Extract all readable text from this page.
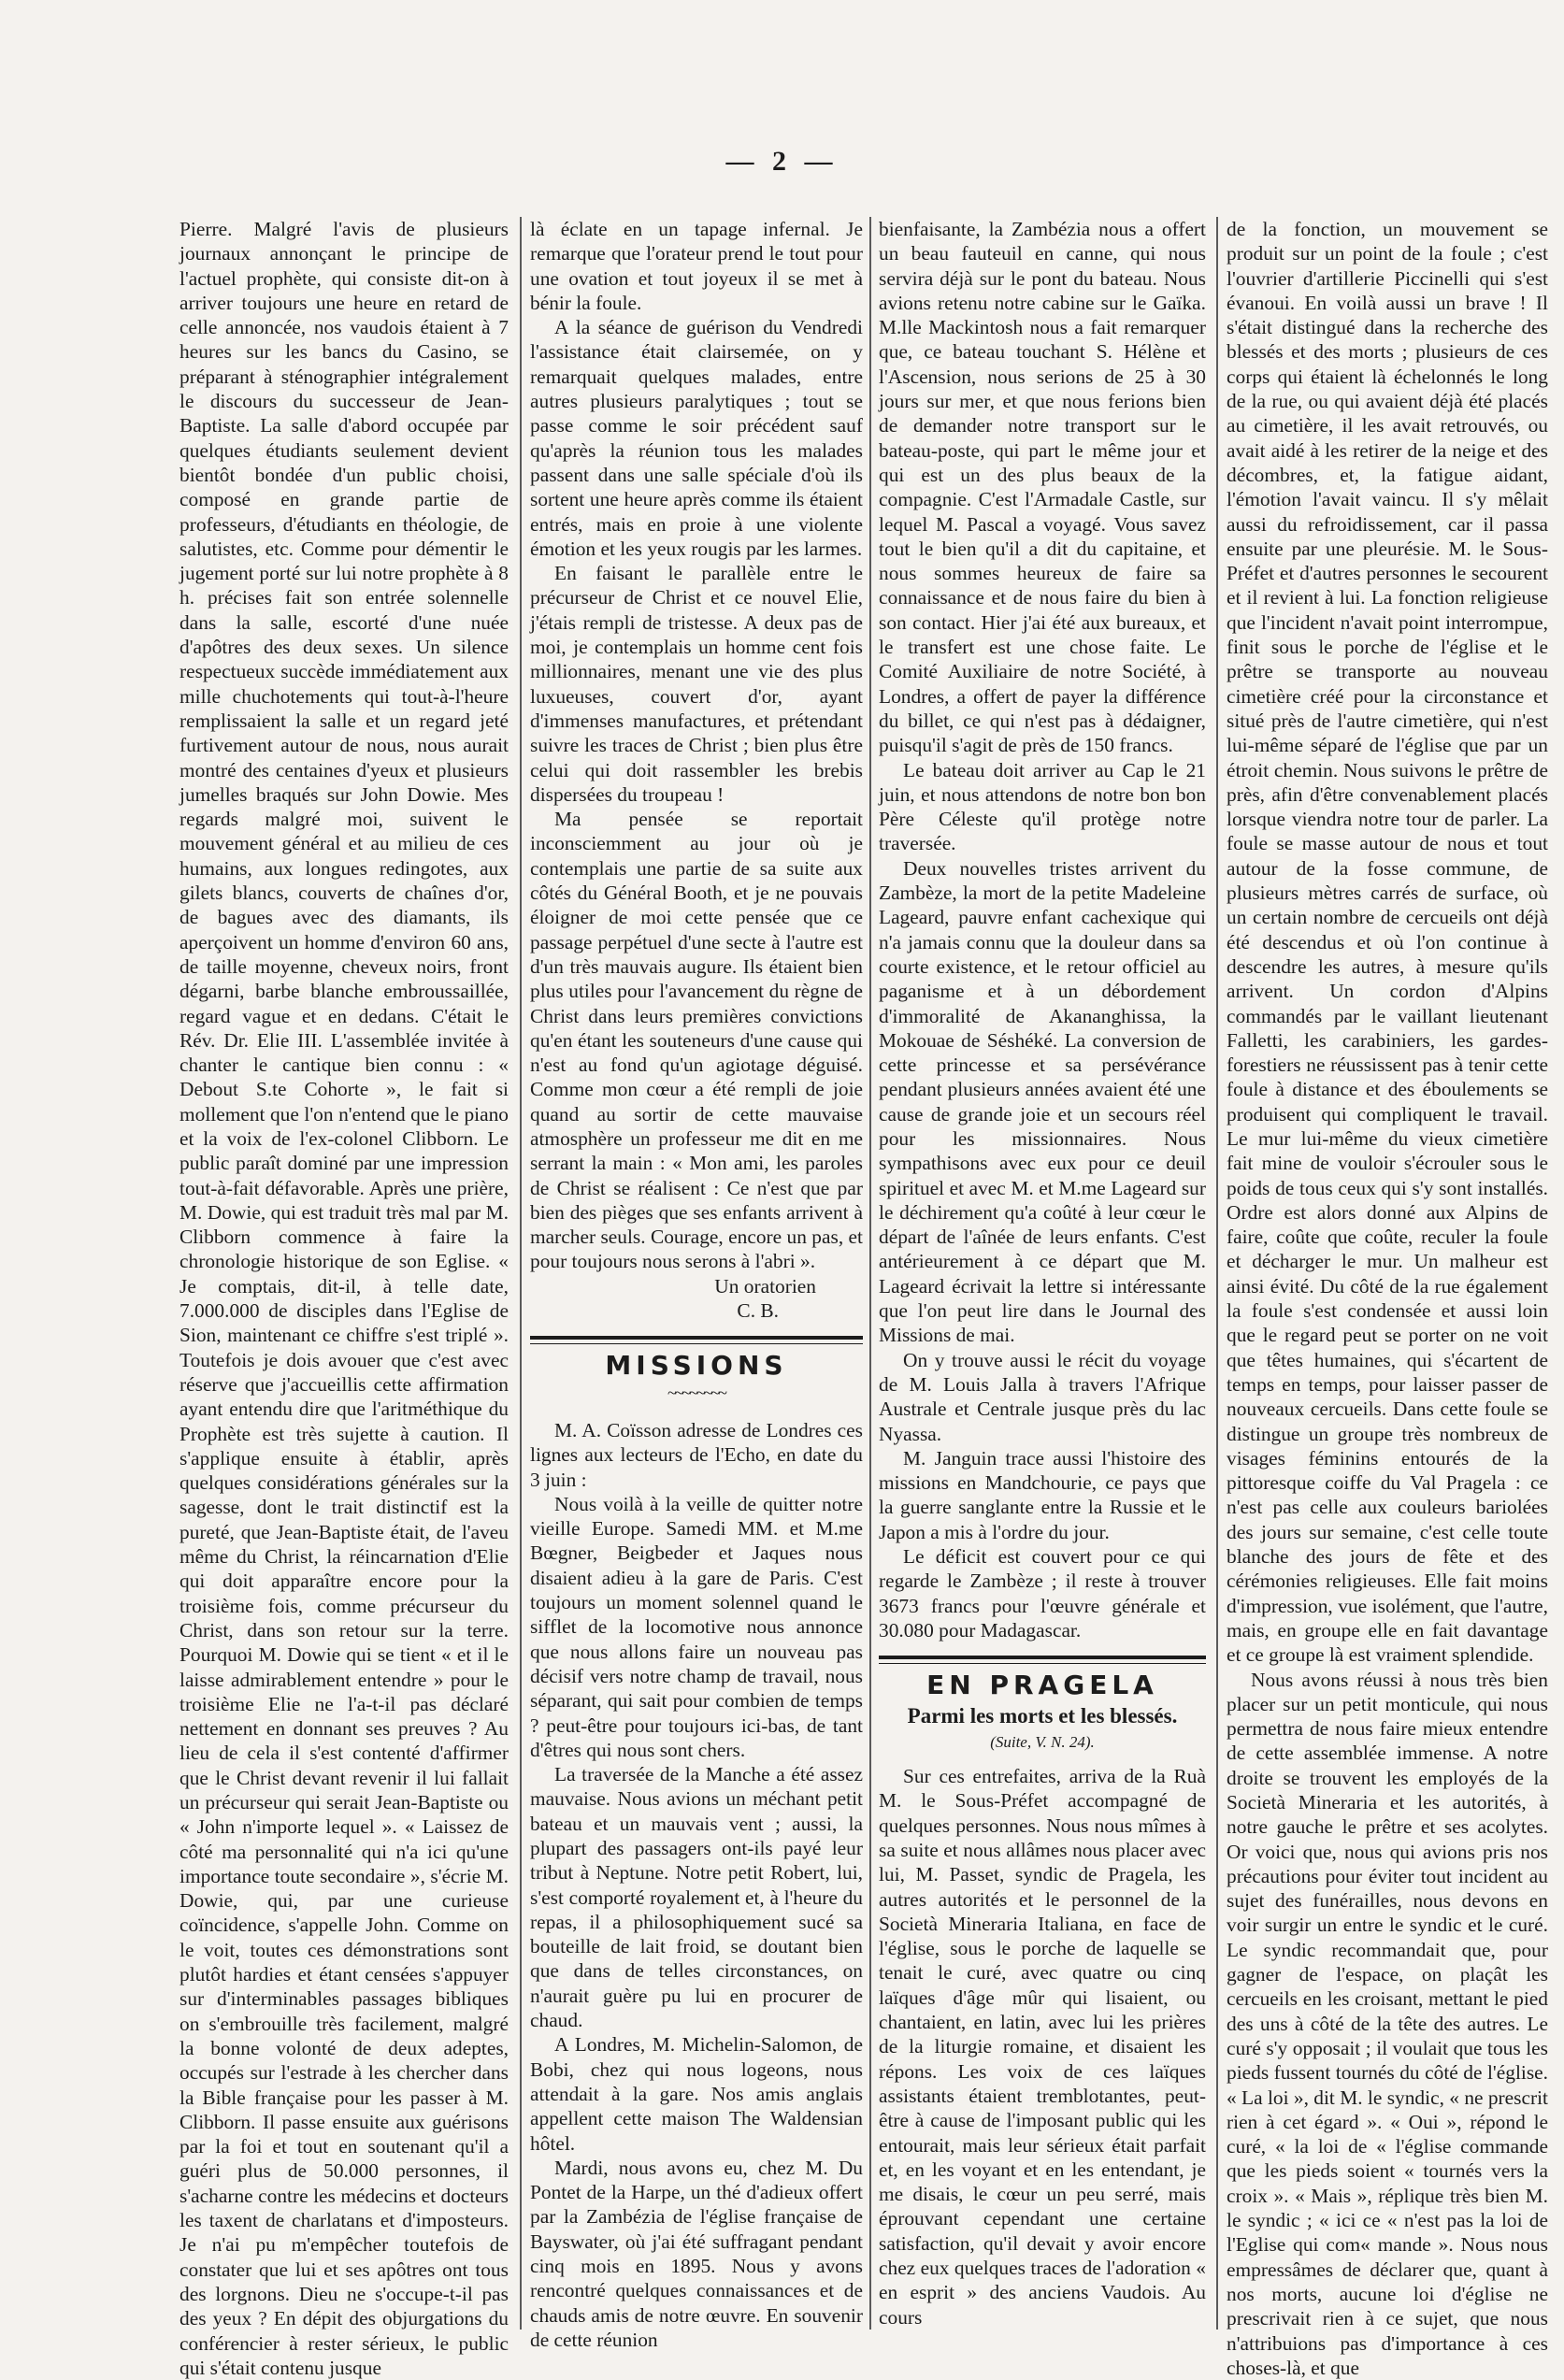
— 2 —

Pierre. Malgré l'avis de plusieurs journaux annonçant le principe de l'actuel prophète, qui consiste dit-on à arriver toujours une heure en retard de celle annoncée, nos vaudois étaient à 7 heures sur les bancs du Casino, se préparant à sténographier intégralement le discours du successeur de Jean-Baptiste. La salle d'abord occupée par quelques étudiants seulement devient bientôt bondée d'un public choisi, composé en grande partie de professeurs, d'étudiants en théologie, de salutistes, etc. Comme pour démentir le jugement porté sur lui notre prophète à 8 h. précises fait son entrée solennelle dans la salle, escorté d'une nuée d'apôtres des deux sexes. Un silence respectueux succède immédiatement aux mille chuchotements qui tout-à-l'heure remplissaient la salle et un regard jeté furtivement autour de nous, nous aurait montré des centaines d'yeux et plusieurs jumelles braqués sur John Dowie. Mes regards malgré moi, suivent le mouvement général et au milieu de ces humains, aux longues redingotes, aux gilets blancs, couverts de chaînes d'or, de bagues avec des diamants, ils aperçoivent un homme d'environ 60 ans, de taille moyenne, cheveux noirs, front dégarni, barbe blanche embroussaillée, regard vague et en dedans. C'était le Rév. Dr. Elie III. L'assemblée invitée à chanter le cantique bien connu : « Debout S.te Cohorte », le fait si mollement que l'on n'entend que le piano et la voix de l'ex-colonel Clibborn. Le public paraît dominé par une impression tout-à-fait défavorable. Après une prière, M. Dowie, qui est traduit très mal par M. Clibborn commence à faire la chronologie historique de son Eglise. « Je comptais, dit-il, à telle date, 7.000.000 de disciples dans l'Eglise de Sion, maintenant ce chiffre s'est triplé ». Toutefois je dois avouer que c'est avec réserve que j'accueillis cette affirmation ayant entendu dire que l'aritméthique du Prophète est très sujette à caution. Il s'applique ensuite à établir, après quelques considérations générales sur la sagesse, dont le trait distinctif est la pureté, que Jean-Baptiste était, de l'aveu même du Christ, la réincarnation d'Elie qui doit apparaître encore pour la troisième fois, comme précurseur du Christ, dans son retour sur la terre. Pourquoi M. Dowie qui se tient « et il le laisse admirablement entendre » pour le troisième Elie ne l'a-t-il pas déclaré nettement en donnant ses preuves ? Au lieu de cela il s'est contenté d'affirmer que le Christ devant revenir il lui fallait un précurseur qui serait Jean-Baptiste ou « John n'importe lequel ». « Laissez de côté ma personnalité qui n'a ici qu'une importance toute secondaire », s'écrie M. Dowie, qui, par une curieuse coïncidence, s'appelle John. Comme on le voit, toutes ces démonstrations sont plutôt hardies et étant censées s'appuyer sur d'interminables passages bibliques on s'embrouille très facilement, malgré la bonne volonté de deux adeptes, occupés sur l'estrade à les chercher dans la Bible française pour les passer à M. Clibborn. Il passe ensuite aux guérisons par la foi et tout en soutenant qu'il a guéri plus de 50.000 personnes, il s'acharne contre les médecins et docteurs les taxent de charlatans et d'imposteurs. Je n'ai pu m'empêcher toutefois de constater que lui et ses apôtres ont tous des lorgnons. Dieu ne s'occupe-t-il pas des yeux ? En dépit des objurgations du conférencier à rester sérieux, le public qui s'était contenu jusque

là éclate en un tapage infernal. Je remarque que l'orateur prend le tout pour une ovation et tout joyeux il se met à bénir la foule.

A la séance de guérison du Vendredi l'assistance était clairsemée, on y remarquait quelques malades, entre autres plusieurs paralytiques ; tout se passe comme le soir précédent sauf qu'après la réunion tous les malades passent dans une salle spéciale d'où ils sortent une heure après comme ils étaient entrés, mais en proie à une violente émotion et les yeux rougis par les larmes.

En faisant le parallèle entre le précurseur de Christ et ce nouvel Elie, j'étais rempli de tristesse. A deux pas de moi, je contemplais un homme cent fois millionnaires, menant une vie des plus luxueuses, couvert d'or, ayant d'immenses manufactures, et prétendant suivre les traces de Christ ; bien plus être celui qui doit rassembler les brebis dispersées du troupeau !

Ma pensée se reportait inconsciemment au jour où je contemplais une partie de sa suite aux côtés du Général Booth, et je ne pouvais éloigner de moi cette pensée que ce passage perpétuel d'une secte à l'autre est d'un très mauvais augure. Ils étaient bien plus utiles pour l'avancement du règne de Christ dans leurs premières convictions qu'en étant les souteneurs d'une cause qui n'est au fond qu'un agiotage déguisé. Comme mon cœur a été rempli de joie quand au sortir de cette mauvaise atmosphère un professeur me dit en me serrant la main : « Mon ami, les paroles de Christ se réalisent : Ce n'est que par bien des pièges que ses enfants arrivent à marcher seuls. Courage, encore un pas, et pour toujours nous serons à l'abri ».

Un oratorien

C. B.

MISSIONS
~~~~~~~~

M. A. Coïsson adresse de Londres ces lignes aux lecteurs de l'Echo, en date du 3 juin :

Nous voilà à la veille de quitter notre vieille Europe. Samedi MM. et M.me Bœgner, Beigbeder et Jaques nous disaient adieu à la gare de Paris. C'est toujours un moment solennel quand le sifflet de la locomotive nous annonce que nous allons faire un nouveau pas décisif vers notre champ de travail, nous séparant, qui sait pour combien de temps ? peut-être pour toujours ici-bas, de tant d'êtres qui nous sont chers.

La traversée de la Manche a été assez mauvaise. Nous avions un méchant petit bateau et un mauvais vent ; aussi, la plupart des passagers ont-ils payé leur tribut à Neptune. Notre petit Robert, lui, s'est comporté royalement et, à l'heure du repas, il a philosophiquement sucé sa bouteille de lait froid, se doutant bien que dans de telles circonstances, on n'aurait guère pu lui en procurer de chaud.

A Londres, M. Michelin-Salomon, de Bobi, chez qui nous logeons, nous attendait à la gare. Nos amis anglais appellent cette maison The Waldensian hôtel.

Mardi, nous avons eu, chez M. Du Pontet de la Harpe, un thé d'adieux offert par la Zambézia de l'église française de Bayswater, où j'ai été suffragant pendant cinq mois en 1895. Nous y avons rencontré quelques connaissances et de chauds amis de notre œuvre. En souvenir de cette réunion

bienfaisante, la Zambézia nous a offert un beau fauteuil en canne, qui nous servira déjà sur le pont du bateau. Nous avions retenu notre cabine sur le Gaïka. M.lle Mackintosh nous a fait remarquer que, ce bateau touchant S. Hélène et l'Ascension, nous serions de 25 à 30 jours sur mer, et que nous ferions bien de demander notre transport sur le bateau-poste, qui part le même jour et qui est un des plus beaux de la compagnie. C'est l'Armadale Castle, sur lequel M. Pascal a voyagé. Vous savez tout le bien qu'il a dit du capitaine, et nous sommes heureux de faire sa connaissance et de nous faire du bien à son contact. Hier j'ai été aux bureaux, et le transfert est une chose faite. Le Comité Auxiliaire de notre Société, à Londres, a offert de payer la différence du billet, ce qui n'est pas à dédaigner, puisqu'il s'agit de près de 150 francs.

Le bateau doit arriver au Cap le 21 juin, et nous attendons de notre bon bon Père Céleste qu'il protège notre traversée.

Deux nouvelles tristes arrivent du Zambèze, la mort de la petite Madeleine Lageard, pauvre enfant cachexique qui n'a jamais connu que la douleur dans sa courte existence, et le retour officiel au paganisme et à un débordement d'immoralité de Akananghissa, la Mokouae de Séshéké. La conversion de cette princesse et sa persévérance pendant plusieurs années avaient été une cause de grande joie et un secours réel pour les missionnaires. Nous sympathisons avec eux pour ce deuil spirituel et avec M. et M.me Lageard sur le déchirement qu'a coûté à leur cœur le départ de l'aînée de leurs enfants. C'est antérieurement à ce départ que M. Lageard écrivait la lettre si intéressante que l'on peut lire dans le Journal des Missions de mai.

On y trouve aussi le récit du voyage de M. Louis Jalla à travers l'Afrique Australe et Centrale jusque près du lac Nyassa.

M. Janguin trace aussi l'histoire des missions en Mandchourie, ce pays que la guerre sanglante entre la Russie et le Japon a mis à l'ordre du jour.

Le déficit est couvert pour ce qui regarde le Zambèze ; il reste à trouver 3673 francs pour l'œuvre générale et 30.080 pour Madagascar.

EN PRAGELA
Parmi les morts et les blessés.
(Suite, V. N. 24).

Sur ces entrefaites, arriva de la Ruà M. le Sous-Préfet accompagné de quelques personnes. Nous nous mîmes à sa suite et nous allâmes nous placer avec lui, M. Passet, syndic de Pragela, les autres autorités et le personnel de la Società Mineraria Italiana, en face de l'église, sous le porche de laquelle se tenait le curé, avec quatre ou cinq laïques d'âge mûr qui lisaient, ou chantaient, en latin, avec lui les prières de la liturgie romaine, et disaient les répons. Les voix de ces laïques assistants étaient tremblotantes, peut-être à cause de l'imposant public qui les entourait, mais leur sérieux était parfait et, en les voyant et en les entendant, je me disais, le cœur un peu serré, mais éprouvant cependant une certaine satisfaction, qu'il devait y avoir encore chez eux quelques traces de l'adoration « en esprit » des anciens Vaudois. Au cours

de la fonction, un mouvement se produit sur un point de la foule ; c'est l'ouvrier d'artillerie Piccinelli qui s'est évanoui. En voilà aussi un brave ! Il s'était distingué dans la recherche des blessés et des morts ; plusieurs de ces corps qui étaient là échelonnés le long de la rue, ou qui avaient déjà été placés au cimetière, il les avait retrouvés, ou avait aidé à les retirer de la neige et des décombres, et, la fatigue aidant, l'émotion l'avait vaincu. Il s'y mêlait aussi du refroidissement, car il passa ensuite par une pleurésie. M. le Sous-Préfet et d'autres personnes le secourent et il revient à lui. La fonction religieuse que l'incident n'avait point interrompue, finit sous le porche de l'église et le prêtre se transporte au nouveau cimetière créé pour la circonstance et situé près de l'autre cimetière, qui n'est lui-même séparé de l'église que par un étroit chemin. Nous suivons le prêtre de près, afin d'être convenablement placés lorsque viendra notre tour de parler. La foule se masse autour de nous et tout autour de la fosse commune, de plusieurs mètres carrés de surface, où un certain nombre de cercueils ont déjà été descendus et où l'on continue à descendre les autres, à mesure qu'ils arrivent. Un cordon d'Alpins commandés par le vaillant lieutenant Falletti, les carabiniers, les gardes-forestiers ne réussissent pas à tenir cette foule à distance et des éboulements se produisent qui compliquent le travail. Le mur lui-même du vieux cimetière fait mine de vouloir s'écrouler sous le poids de tous ceux qui s'y sont installés. Ordre est alors donné aux Alpins de faire, coûte que coûte, reculer la foule et décharger le mur. Un malheur est ainsi évité. Du côté de la rue également la foule s'est condensée et aussi loin que le regard peut se porter on ne voit que têtes humaines, qui s'écartent de temps en temps, pour laisser passer de nouveaux cercueils. Dans cette foule se distingue un groupe très nombreux de visages féminins entourés de la pittoresque coiffe du Val Pragela : ce n'est pas celle aux couleurs bariolées des jours sur semaine, c'est celle toute blanche des jours de fête et des cérémonies religieuses. Elle fait moins d'impression, vue isolément, que l'autre, mais, en groupe elle en fait davantage et ce groupe là est vraiment splendide.

Nous avons réussi à nous très bien placer sur un petit monticule, qui nous permettra de nous faire mieux entendre de cette assemblée immense. A notre droite se trouvent les employés de la Società Mineraria et les autorités, à notre gauche le prêtre et ses acolytes. Or voici que, nous qui avions pris nos précautions pour éviter tout incident au sujet des funérailles, nous devons en voir surgir un entre le syndic et le curé. Le syndic recommandait que, pour gagner de l'espace, on plaçât les cercueils en les croisant, mettant le pied des uns à côté de la tête des autres. Le curé s'y opposait ; il voulait que tous les pieds fussent tournés du côté de l'église. « La loi », dit M. le syndic, « ne prescrit rien à cet égard ». « Oui », répond le curé, « la loi de « l'église commande que les pieds soient « tournés vers la croix ». « Mais », réplique très bien M. le syndic ; « ici ce « n'est pas la loi de l'Eglise qui com« mande ». Nous nous empressâmes de déclarer que, quant à nos morts, aucune loi d'église ne prescrivait rien à ce sujet, que nous n'attribuions pas d'importance à ces choses-là, et que
